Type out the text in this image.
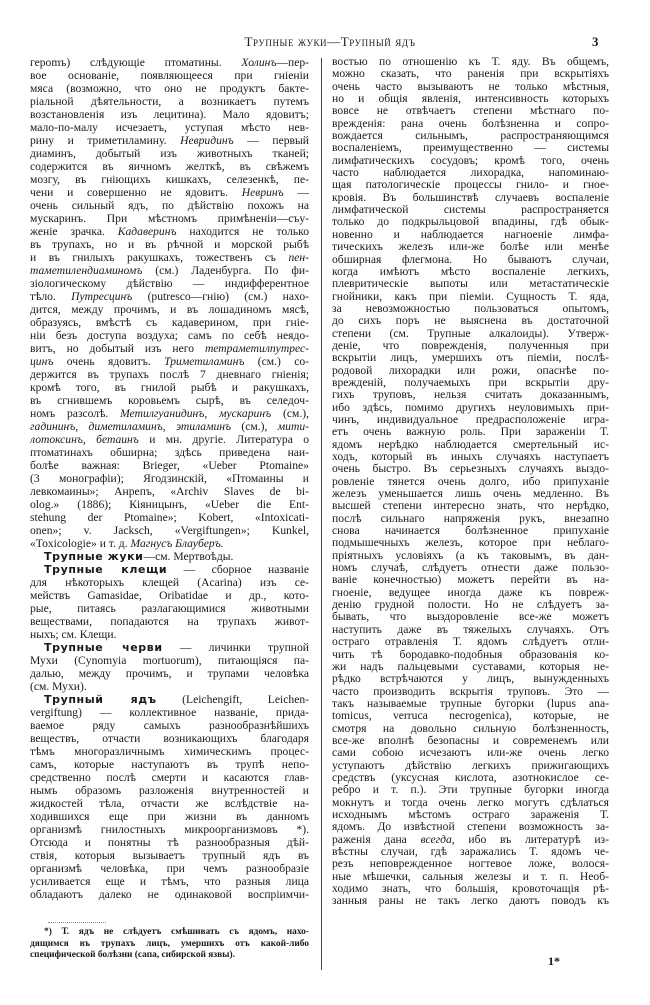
Трупные жуки—Трупный ядъ	3
героmъ) слѣдующіе птоматины. Холинъ—пер-
вое основаніе, появляющееся при гніеніи
мяса (возможно, что оно не продуктъ бакте-
ріальной дѣятельности, а возникаетъ путемъ
возстановленія изъ лецитина). Мало ядовитъ;
мало-по-малу исчезаетъ, уступая мѣсто нев-
рину и триметиламину. Невридинъ — первый
диаминъ, добытый изъ животныхъ тканей;
содержится въ яичномъ желткѣ, въ свѣжемъ
мозгу, въ гніющихъ кишкахъ, селезенкѣ, пе-
чени и совершенно не ядовитъ. Невринъ —
очень сильный ядъ, по дѣйствію похожъ на
мускаринъ. При мѣстномъ примѣненіи—съу-
женіе зрачка. Кадаверинъ находится не только
въ трупахъ, но и въ рѣчной и морской рыбѣ
и въ гнилыхъ ракушкахъ, тожественъ съ пен-
таметилендиаминомъ (см.) Ладенбурга. По фи-
зіологическому дѣйствію — индифферентное
тѣло. Путресцинъ (putresco—гнію) (см.) нахо-
дится, между прочимъ, и въ лошадиномъ мясѣ,
образуясь, вмѣстѣ съ кадаверином, при гніе-
ніи безъ доступа воздуха; самъ по себѣ неядо-
витъ, но добытый изъ него тетраметилпутрес-
цинъ очень ядовитъ. Триметиламинъ (см.) со-
держится въ трупахъ послѣ 7 дневнаго гніенія;
кромѣ того, въ гнилой рыбѣ и ракушкахъ,
въ сгнившемъ коровьемъ сырѣ, въ селедоч-
номъ разсолѣ. Метилгуанидинъ, мускаринъ (см.),
гадининъ, диметиламинъ, этиламинъ (см.), мити-
лотоксинъ, бетаинъ и мн. другіе. Литература о
птоматинахъ обширна; здѣсь приведена наи-
болѣе важная: Brieger, «Ueber Ptomaine»
(3 монографіи); Ягодзинскій, «Птомаины и
левкомаины»; Анрепъ, «Archiv Slaves de bi-
olog.» (1886); Кіяницынъ, «Ueber die Ent-
stehung der Ptomaine»; Kobert, «Intoxicati-
onen»; v. Jacksch, «Vergiftungen»; Kunkel,
«Toxicologie» и т. д. Магнусъ Блауберъ.
Трупные жуки—см. Мертвоѣды.
Трупные клещи — сборное названіе
для нѣкоторыхъ клещей (Acarina) изъ се-
мействъ Gamasidae, Oribatidae и др., кото-
рые, питаясь разлагающимися животными
веществами, попадаются на трупахъ живот-
ныхъ; см. Клещи.
Трупные черви — личинки трупной
Мухи (Cynomyia mortuorum), питающіяся па-
далью, между прочимъ, и трупами человѣка
(см. Мухи).
Трупный ядъ (Leichengift, Leichen-
vergiftung) — коллективное названіе, прида-
ваемое ряду самыхъ разнообразнѣйшихъ
веществъ, отчасти возникающихъ благодаря
тѣмъ многоразличнымъ химическимъ процес-
самъ, которые наступаютъ въ трупѣ непо-
средственно послѣ смерти и касаются глав-
нымъ образомъ разложенія внутренностей и
жидкостей тѣла, отчасти же вслѣдствіе на-
ходившихся еще при жизни въ данномъ
организмѣ гнилостныхъ микроорганизмовъ *).
Отсюда и понятны тѣ разнообразныя дѣй-
ствія, которыя вызываетъ трупный ядъ въ
организмѣ человѣка, при чемъ разнообразіе
усиливается еще и тѣмъ, что разныя лица
обладаютъ далеко не одинаковой воспріимчи-
востью по отношенію къ Т. яду. Въ общемъ,
можно сказать, что раненія при вскрытіяхъ
очень часто вызываютъ не только мѣстныя,
но и общія явленія, интенсивность которыхъ
вовсе не отвѣчаетъ степени мѣстнаго по-
врежденія: рана очень болѣзненна и сопро-
вождается сильнымъ, распространяющимся
воспаленіемъ, преимущественно — системы
лимфатическихъ сосудовъ; кромѣ того, очень
часто наблюдается лихорадка, напоминаю-
щая патологическіе процессы гнило- и гное-
кровія. Въ большинствѣ случаевъ воспаленіе
лимфатической системы распространяется
только до подкрыльцовой впадины, гдѣ обык-
новенно и наблюдается нагноеніе лимфа-
тическихъ железъ или-же болѣе или менѣе
обширная флегмона. Но бываютъ случаи,
когда имѣютъ мѣсто воспаленіе легкихъ,
плевритическіе выпоты или метастатическіе
гнойники, какъ при піеміи. Сущность Т. яда,
за невозможностью пользоваться опытомъ,
до сихъ поръ не выяснена въ достаточной
степени (см. Трупные алкалоиды). Утверж-
деніе, что поврежденія, полученныя при
вскрытіи лицъ, умершихъ отъ піеміи, послѣ-
родовой лихорадки или рожи, опаснѣе по-
врежденій, получаемыхъ при вскрытіи дру-
гихъ труповъ, нельзя считать доказаннымъ,
ибо здѣсь, помимо другихъ неуловимыхъ при-
чинъ, индивидуальное предрасположеніе игра-
етъ очень важную роль. При зараженіи Т.
ядомъ нерѣдко наблюдается смертельный ис-
ходъ, который въ иныхъ случаяхъ наступаетъ
очень быстро. Въ серьезныхъ случаяхъ выздо-
ровленіе тянется очень долго, ибо припуханіе
железъ уменьшается лишь очень медленно. Въ
высшей степени интересно знать, что нерѣдко,
послѣ сильнаго напряженія рукъ, внезапно
снова начинается болѣзненное припуханіе
подмышечныхъ железъ, которое при неблаго-
пріятныхъ условіяхъ (а къ таковымъ, въ дан-
номъ случаѣ, слѣдуетъ отнести даже пользо-
ваніе конечностью) можетъ перейти въ на-
гноеніе, ведущее иногда даже къ повреж-
денію грудной полости. Но не слѣдуетъ за-
бывать, что выздоровленіе все-же можетъ
наступить даже въ тяжелыхъ случаяхъ. Отъ
остраго отравленія Т. ядомъ слѣдуетъ отли-
чить тѣ бородавко-подобныя образованія ко-
жи надъ пальцевыми суставами, которыя не-
рѣдко встрѣчаются у лицъ, вынужденныхъ
часто производить вскрытія труповъ. Это —
такъ называемые трупные бугорки (lupus ana-
tomicus, verruca necrogenica), которые, не
смотря на довольно сильную болѣзненность,
все-же вполнѣ безопасны и современемъ или
сами собою исчезаютъ или-же очень легко
уступаютъ дѣйствію легкихъ прижигающихъ
средствъ (уксусная кислота, азотнокислое се-
ребро и т. п.). Эти трупные бугорки иногда
мокнутъ и тогда очень легко могутъ сдѣлаться
исходнымъ мѣстомъ остраго зараженія Т.
ядомъ. До извѣстной степени возможность за-
раженія дана всегда, ибо въ литературѣ из-
вѣстны случаи, гдѣ заражались Т. ядомъ че-
резъ неповрежденное ногтевое ложе, волося-
ные мѣшечки, сальныя железы и т. п. Необ-
ходимо знать, что большія, кровоточащія рѣ-
занныя раны не такъ легко даютъ поводъ къ
*) Т. ядъ не слѣдуетъ смѣшивать съ ядомъ, нахо-
дящимся въ трупахъ лицъ, умершихъ отъ какой-либо
специфической болѣзни (сапа, сибирской язвы).	1*
